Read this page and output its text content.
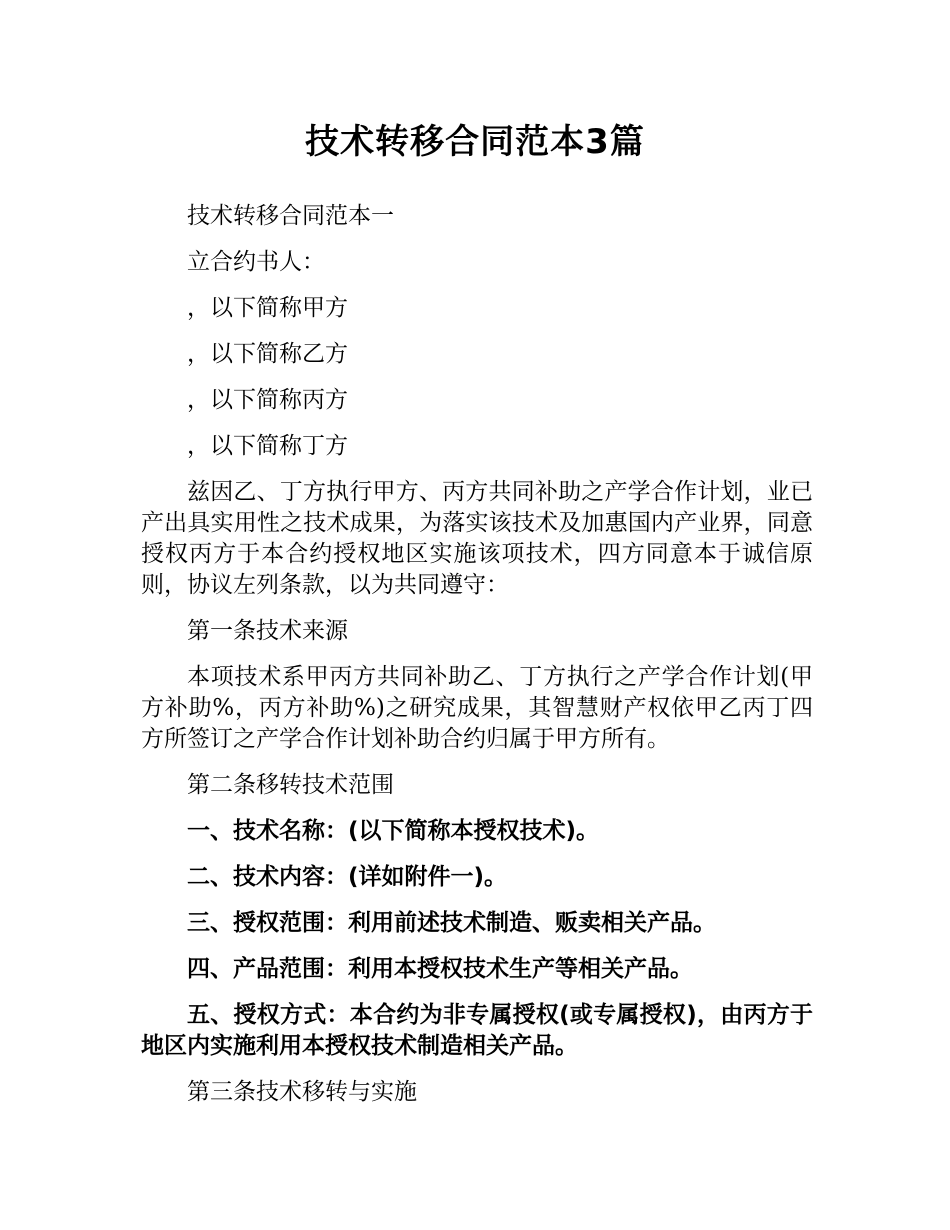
技术转移合同范本3篇

技术转移合同范本一

立合约书人：

，以下简称甲方

，以下简称乙方

，以下简称丙方

，以下简称丁方

兹因乙、丁方执行甲方、丙方共同补助之产学合作计划，业已产出具实用性之技术成果，为落实该技术及加惠国内产业界，同意授权丙方于本合约授权地区实施该项技术，四方同意本于诚信原则，协议左列条款，以为共同遵守：

第一条技术来源

本项技术系甲丙方共同补助乙、丁方执行之产学合作计划(甲方补助%，丙方补助%)之研究成果，其智慧财产权依甲乙丙丁四方所签订之产学合作计划补助合约归属于甲方所有。

第二条移转技术范围

一、技术名称：(以下简称本授权技术)。

二、技术内容：(详如附件一)。

三、授权范围：利用前述技术制造、贩卖相关产品。

四、产品范围：利用本授权技术生产等相关产品。

五、授权方式：本合约为非专属授权(或专属授权)，由丙方于地区内实施利用本授权技术制造相关产品。

第三条技术移转与实施
